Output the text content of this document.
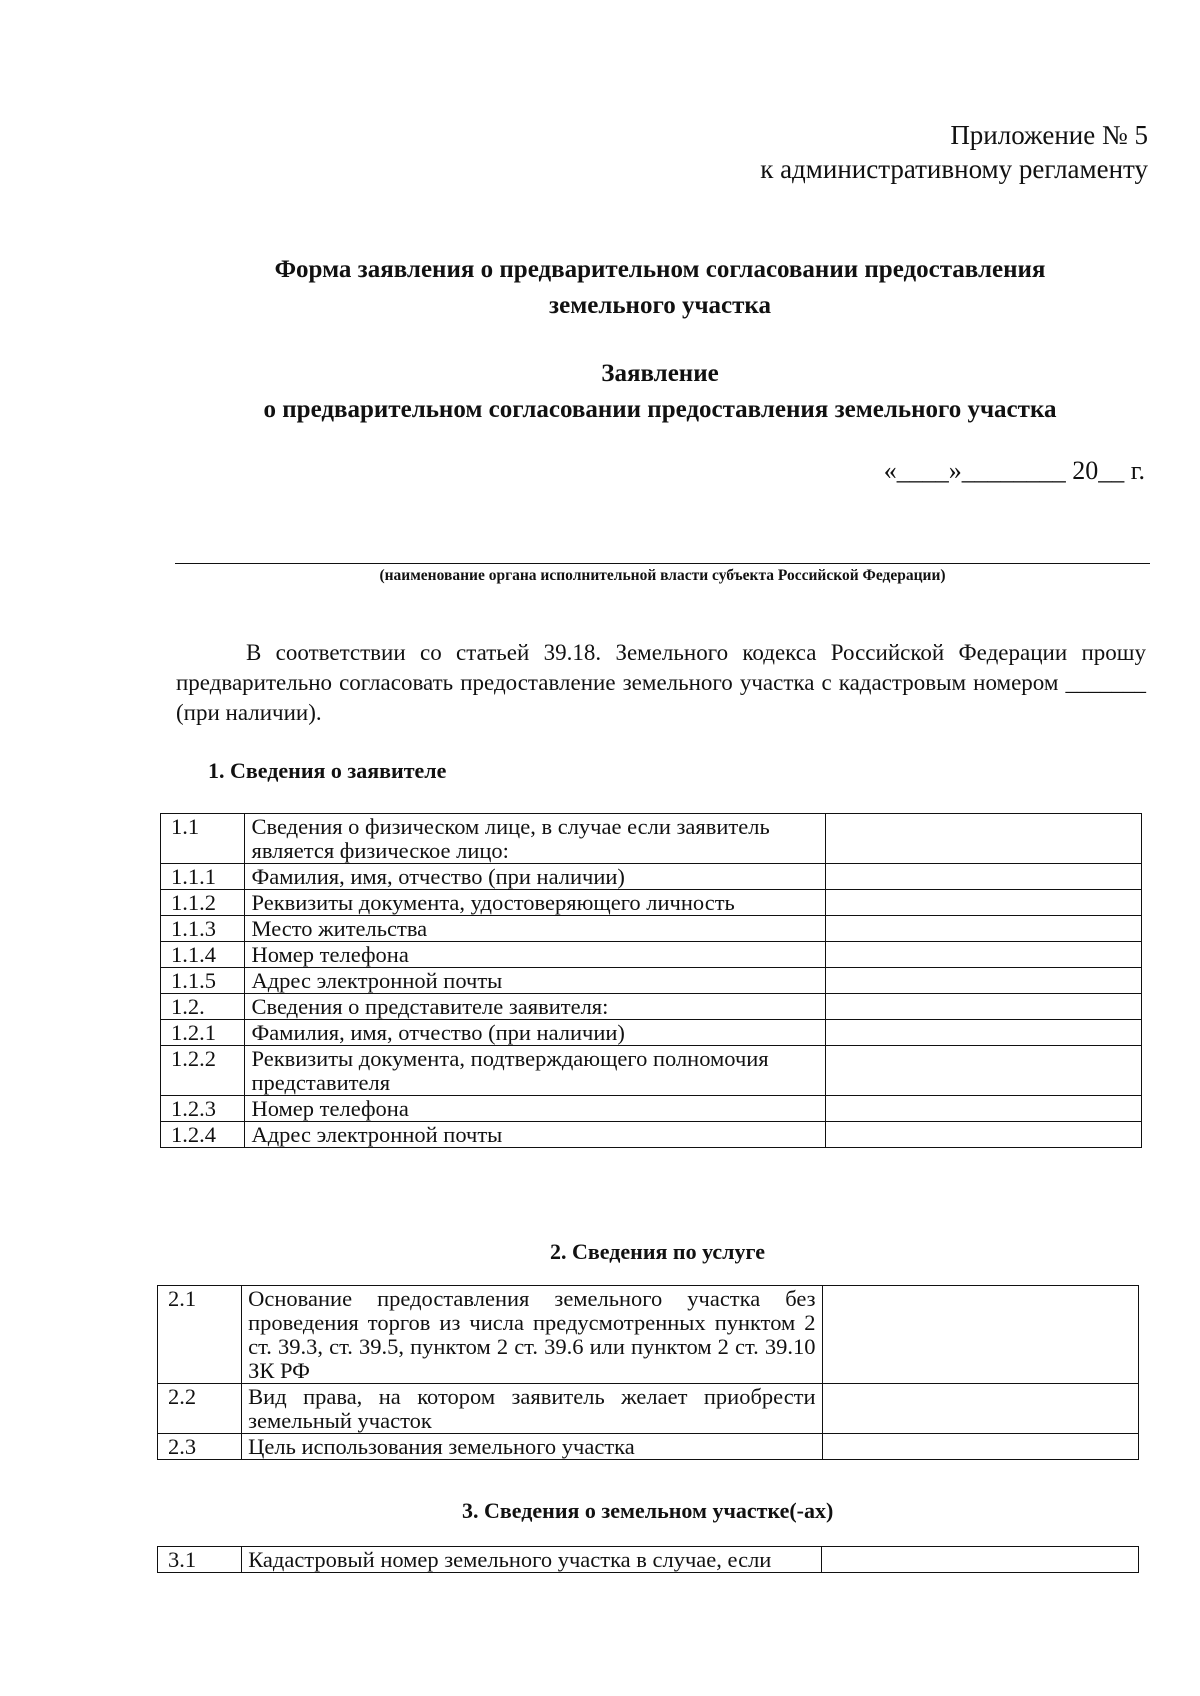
Приложение № 5
к административному регламенту
Форма заявления о предварительном согласовании предоставления
земельного участка
Заявление
о предварительном согласовании предоставления земельного участка
«____»________ 20__ г.
(наименование органа исполнительной власти субъекта Российской Федерации)
В соответствии со статьей 39.18. Земельного кодекса Российской Федерации прошу предварительно согласовать предоставление земельного участка с кадастровым номером _______ (при наличии).
1. Сведения о заявителе
1.1	Сведения о физическом лице, в случае если заявитель является физическое лицо:	
1.1.1	Фамилия, имя, отчество (при наличии)	
1.1.2	Реквизиты документа, удостоверяющего личность	
1.1.3	Место жительства	
1.1.4	Номер телефона	
1.1.5	Адрес электронной почты	
1.2.	Сведения о представителе заявителя:	
1.2.1	Фамилия, имя, отчество (при наличии)	
1.2.2	Реквизиты документа, подтверждающего полномочия представителя	
1.2.3	Номер телефона	
1.2.4	Адрес электронной почты	
2. Сведения по услуге
2.1	Основание предоставления земельного участка без проведения торгов из числа предусмотренных пунктом 2 ст. 39.3, ст. 39.5, пунктом 2 ст. 39.6 или пунктом 2 ст. 39.10 ЗК РФ	
2.2	Вид права, на котором заявитель желает приобрести земельный участок	
2.3	Цель использования земельного участка	
3. Сведения о земельном участке(-ах)
3.1	Кадастровый номер земельного участка в случае, если	
